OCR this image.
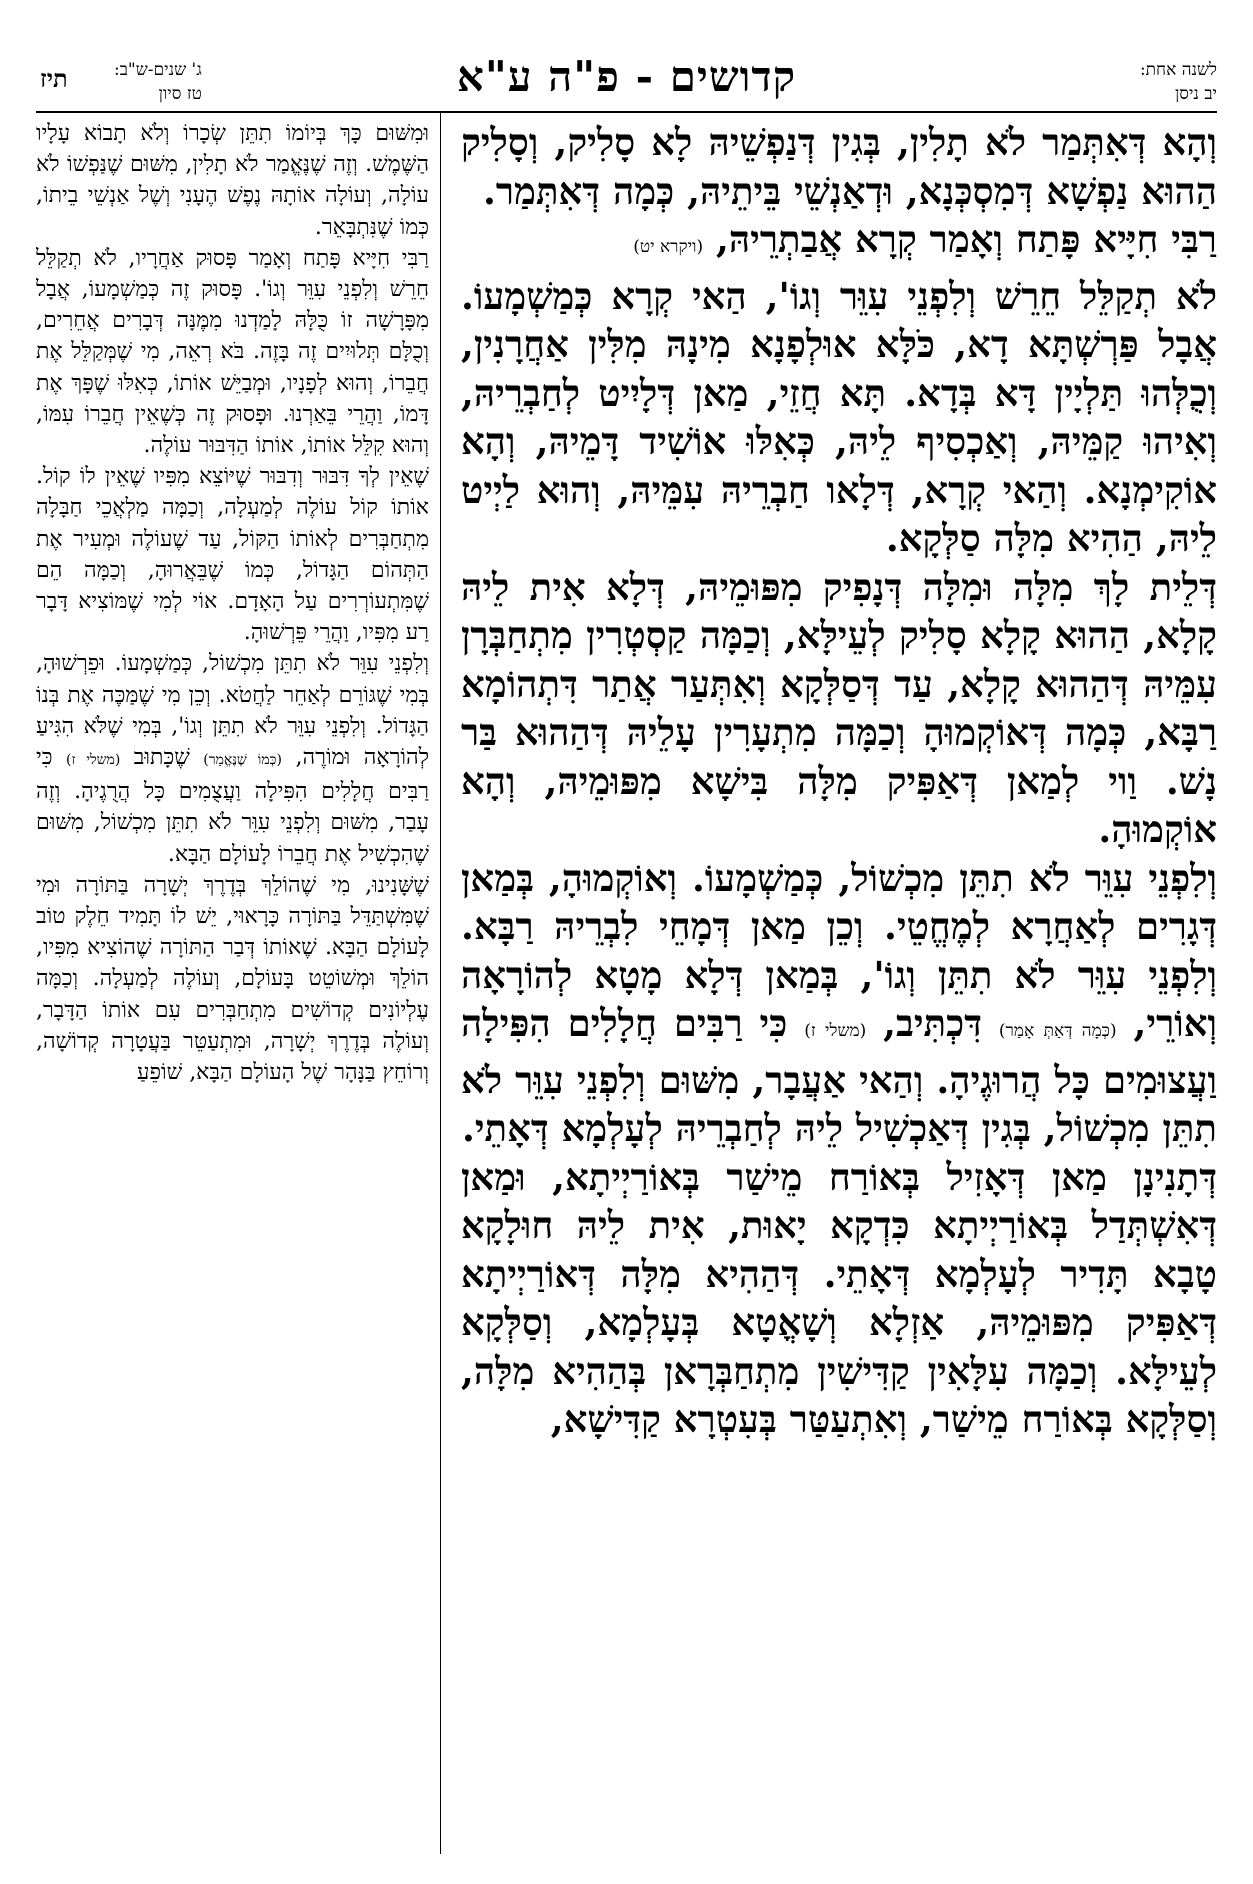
לשנה אחת:
יב ניסן
קדושים - פ"ה ע"א
ג' שנים-ש"ב:
טז סיון
תיז

וְהָא דְּאִתְּמַר לֹא תָלִין, בְּגִין דְּנַפְשֵׁיהּ לָא סָלִיק, וְסָלִיק הַהוּא נַפְשָׁא דְּמִסְכְּנָא, וּדְאַנְשֵׁי בֵּיתֵיהּ, כְּמָה דְּאִתְּמַר.

רַבִּי חִיָּיא פָּתַח וְאָמַר קְרָא אֲבַתְרֵיהּ, (ויקרא יט)

לֹא תְקַלֵּל חֵרֵשׁ וְלִפְנֵי עִוֵּר וְגוֹ', הַאי קְרָא כְּמַשְׁמָעוֹ. אֲבָל פַּרְשְׁתָּא דָא, כֹּלָּא אוּלְפָנָא מִינָהּ מִלִּין אַחֲרָנִין, וְכֻלְּהוּ תַּלְיָין דָּא בְּדָא. תָּא חֲזֵי, מַאן דְּלָיִיט לְחַבְרֵיהּ, וְאִיהוּ קַמֵּיהּ, וְאַכְסִיף לֵיהּ, כְּאִלּוּ אוֹשִׁיד דָּמֵיהּ, וְהָא אוֹקִימְנָא. וְהַאי קְרָא, דְּלָאו חַבְרֵיהּ עִמֵּיהּ, וְהוּא לַיְיט לֵיהּ, הַהִיא מִלָּה סַלְּקָא.

דְּלֵית לָךְ מִלָּה וּמִלָּה דְּנָפִיק מִפּוּמֵיהּ, דְּלָא אִית לֵיהּ קָלָא, הַהוּא קָלָא סָלִיק לְעֵילָּא, וְכַמָּה קַסְטְרִין מִתְחַבְּרָן עִמֵּיהּ דְּהַהוּא קָלָא, עַד דְּסַלְּקָא וְאִתְּעַר אֲתַר דִּתְהוֹמָא רַבָּא, כְּמָה דְּאוֹקְמוּהָ וְכַמָּה מִתְעָרִין עָלֵיהּ דְּהַהוּא בַּר נָשׁ. וַוי לְמַאן דְּאַפִּיק מִלָּה בִּישָׁא מִפּוּמֵיהּ, וְהָא אוֹקְמוּהָ.

וְלִפְנֵי עִוֵּר לֹא תִתֵּן מִכְשׁוֹל, כְּמַשְׁמָעוֹ. וְאוֹקְמוּהָ, בְּמַאן דְּגָרִים לְאַחֲרָא לְמֶחֱטֵי. וְכֵן מַאן דְּמָחֵי לִבְרֵיהּ רַבָּא. וְלִפְנֵי עִוֵּר לֹא תִתֵּן וְגוֹ', בְּמַאן דְּלָא מָטָא לְהוֹרָאָה וְאוֹרֵי, (כְּמָה דְּאַתְּ אָמַר) דִּכְתִּיב, (משלי ז) כִּי רַבִּים חֲלָלִים הִפִּילָה וַעֲצוּמִים כָּל הֲרוּגֶיהָ. וְהַאי אַעֲבָר, מִשּׁוּם וְלִפְנֵי עִוֵּר לֹא תִתֵּן מִכְשׁוֹל, בְּגִין דְּאַכְשִׁיל לֵיהּ לְחַבְרֵיהּ לְעָלְמָא דְּאָתֵי.

דְּתָנִינָן מַאן דְּאָזִיל בְּאוֹרַח מֵישַׁר בְּאוֹרַיְיתָא, וּמַאן דְּאִשְׁתְּדַל בְּאוֹרַיְיתָא כִּדְקָא יָאוּת, אִית לֵיהּ חוּלָקָא טָבָא תָּדִיר לְעָלְמָא דְּאָתֵי. דְּהַהִיא מִלָּה דְּאוֹרַיְיתָא דְּאַפִּיק מִפּוּמֵיהּ, אַזְלָא וְשָׁאֳטָא בְּעָלְמָא, וְסַלְּקָא לְעֵילָּא. וְכַמָּה עִלָּאִין קַדִּישִׁין מִתְחַבְּרָאן בְּהַהִיא מִלָּה, וְסַלְּקָא בְּאוֹרַח מֵישַׁר, וְאִתְעַטַּר בְּעִטְרָא קַדִּישָׁא,

וּמִשּׁוּם כָּךְ בְּיוֹמוֹ תִתֵּן שְׂכָרוֹ וְלֹא תָבוֹא עָלָיו הַשֶּׁמֶשׁ. וְזֶה שֶׁנֶּאֱמַר לֹא תָלִין, מִשּׁוּם שֶׁנַּפְשׁוֹ לֹא עוֹלָה, וְעוֹלָה אוֹתָהּ נֶפֶשׁ הֶעָנִי וְשֶׁל אַנְשֵׁי בֵיתוֹ, כְּמוֹ שֶׁנִּתְבָּאֵר.

רַבִּי חִיָּיא פָּתַח וְאָמַר פָּסוּק אַחֲרָיו, לֹא תְקַלֵּל חֵרֵשׁ וְלִפְנֵי עִוֵּר וְגוֹ'. פָּסוּק זֶה כְּמַשְׁמָעוֹ, אֲבָל מִפָּרָשָׁה זוֹ כֻּלָּהּ לָמַדְנוּ מִמֶּנָּה דְּבָרִים אֲחֵרִים, וְכֻלָּם תְּלוּיִים זֶה בָּזֶה. בֹּא רְאֵה, מִי שֶׁמְּקַלֵּל אֶת חֲבֵרוֹ, וְהוּא לְפָנָיו, וּמְבַיֵּשׁ אוֹתוֹ, כְּאִלּוּ שֶׁפָּךְ אֶת דָּמוֹ, וַהֲרֵי בֵּאַרְנוּ. וּפָסוּק זֶה כְּשֶׁאֵין חֲבֵרוֹ עִמּוֹ, וְהוּא קִלֵּל אוֹתוֹ, אוֹתוֹ הַדִּבּוּר עוֹלֶה.

שֶׁאֵין לְךָ דִּבּוּר וְדִבּוּר שֶׁיּוֹצֵא מִפִּיו שֶׁאֵין לוֹ קוֹל. אוֹתוֹ קוֹל עוֹלֶה לְמַעְלָה, וְכַמָּה מַלְאֲכֵי חַבָּלָה מִתְחַבְּרִים לְאוֹתוֹ הַקּוֹל, עַד שֶׁעוֹלֶה וּמְעִיר אֶת הַתְּהוֹם הַגָּדוֹל, כְּמוֹ שֶׁבֵּאֲרוּהָ, וְכַמָּה הֵם שֶׁמִּתְעוֹרְרִים עַל הָאָדָם. אוֹי לְמִי שֶׁמּוֹצִיא דָּבָר רַע מִפִּיו, וַהֲרֵי פֵּרְשׁוּהָ.

וְלִפְנֵי עִוֵּר לֹא תִתֵּן מִכְשׁוֹל, כְּמַשְׁמָעוֹ. וּפֵרְשׁוּהָ, בְּמִי שֶׁגּוֹרֵם לְאַחֵר לַחֲטֹא. וְכֵן מִי שֶׁמַּכֶּה אֶת בְּנוֹ הַגָּדוֹל. וְלִפְנֵי עִוֵּר לֹא תִתֵּן וְגוֹ', בְּמִי שֶׁלֹּא הִגִּיעַ לְהוֹרָאָה וּמוֹרֶה, (כְּמוֹ שֶׁנֶּאֱמַר) שֶׁכָּתוּב (משלי ז) כִּי רַבִּים חֲלָלִים הִפִּילָה וַעֲצֻמִים כָּל הֲרֻגֶיהָ. וְזֶה עָבַר, מִשּׁוּם וְלִפְנֵי עִוֵּר לֹא תִתֵּן מִכְשׁוֹל, מִשּׁוּם שֶׁהִכְשִׁיל אֶת חֲבֵרוֹ לָעוֹלָם הַבָּא.

שֶׁשָּׁנִינוּ, מִי שֶׁהוֹלֵךְ בְּדֶרֶךְ יְשָׁרָה בַּתּוֹרָה וּמִי שֶׁמִּשְׁתַּדֵּל בַּתּוֹרָה כָּרָאוּי, יֵשׁ לוֹ תָּמִיד חֵלֶק טוֹב לָעוֹלָם הַבָּא. שֶׁאוֹתוֹ דְּבַר הַתּוֹרָה שֶׁהוֹצִיא מִפִּיו, הוֹלֵךְ וּמְשׁוֹטֵט בָּעוֹלָם, וְעוֹלֶה לְמַעְלָה. וְכַמָּה עֶלְיוֹנִים קְדוֹשִׁים מִתְחַבְּרִים עִם אוֹתוֹ הַדָּבָר, וְעוֹלֶה בְּדֶרֶךְ יְשָׁרָה, וּמִתְעַטֵּר בַּעֲטָרָה קְדוֹשָׁה, וְרוֹחֵץ בַּנָּהָר שֶׁל הָעוֹלָם הַבָּא, שׁוֹפֵעַ
